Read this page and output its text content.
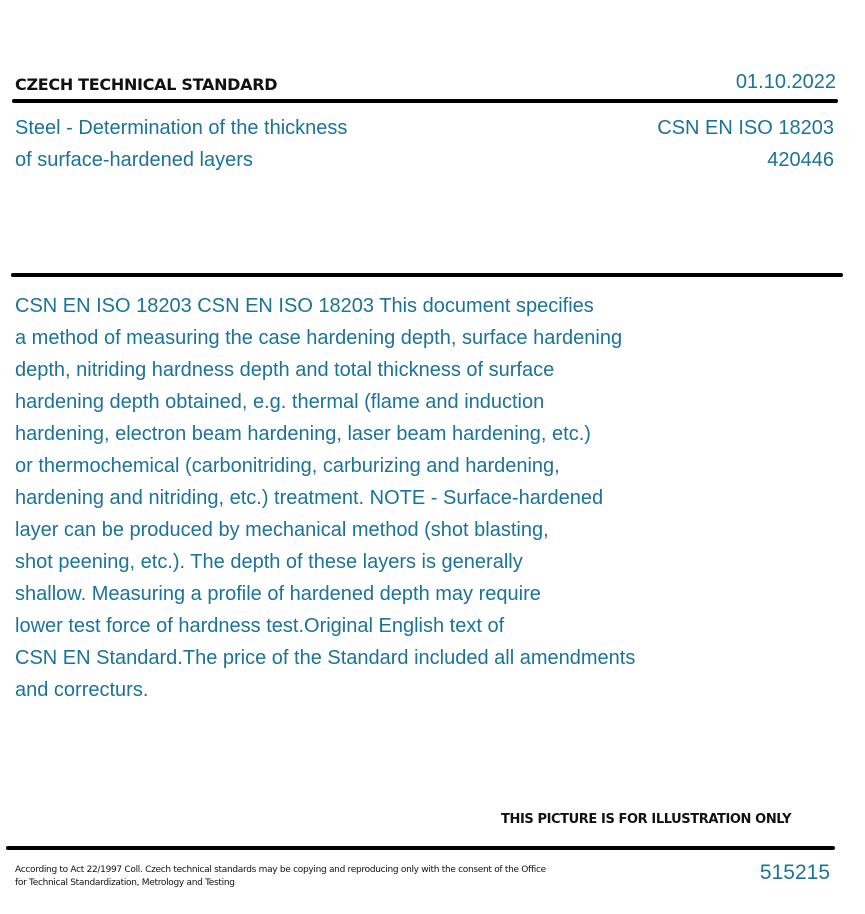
CZECH TECHNICAL STANDARD	01.10.2022
Steel - Determination of the thickness
of surface-hardened layers
CSN EN ISO 18203
420446
CSN EN ISO 18203 CSN EN ISO 18203 This document specifies
a method of measuring the case hardening depth, surface hardening
depth, nitriding hardness depth and total thickness of surface
hardening depth obtained, e.g. thermal (flame and induction
hardening, electron beam hardening, laser beam hardening, etc.)
or thermochemical (carbonitriding, carburizing and hardening,
hardening and nitriding, etc.) treatment. NOTE - Surface-hardened
layer can be produced by mechanical method (shot blasting,
shot peening, etc.). The depth of these layers is generally
shallow. Measuring a profile of hardened depth may require
lower test force of hardness test.Original English text of
CSN EN Standard.The price of the Standard included all amendments
and correcturs.
THIS PICTURE IS FOR ILLUSTRATION ONLY
According to Act 22/1997 Coll. Czech technical standards may be copying and reproducing only with the consent of the Office
for Technical Standardization, Metrology and Testing	515215
